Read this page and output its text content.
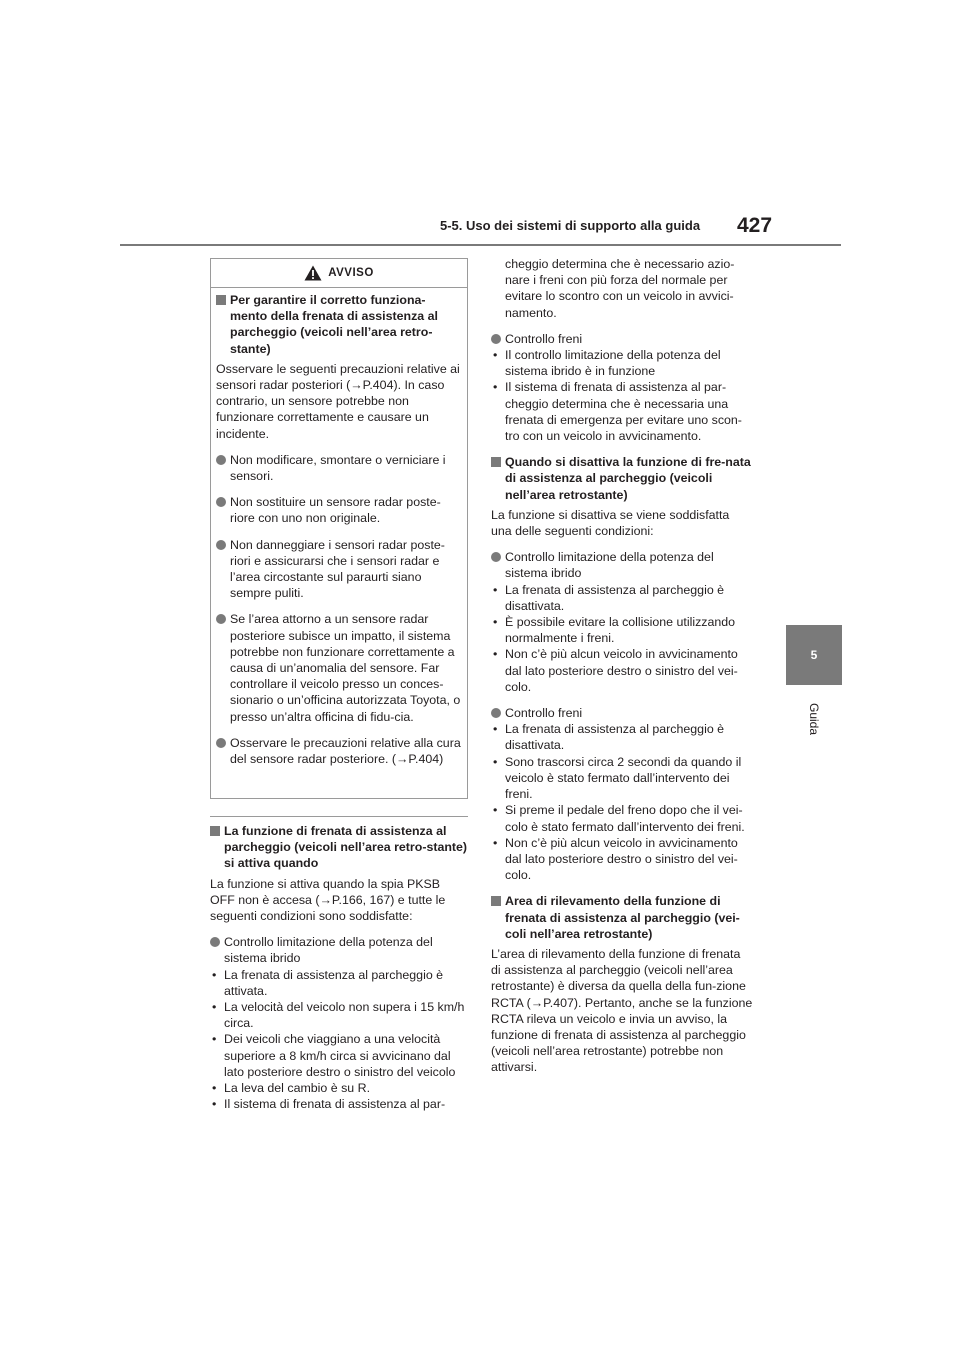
5-5. Uso dei sistemi di supporto alla guida 427
5
Guida
AVVISO
Per garantire il corretto funziona-mento della frenata di assistenza al parcheggio (veicoli nell’area retro-stante)

Osservare le seguenti precauzioni relative ai sensori radar posteriori (→P.404). In caso contrario, un sensore potrebbe non funzionare correttamente e causare un incidente.

Non modificare, smontare o verniciare i sensori.
Non sostituire un sensore radar poste-riore con uno non originale.
Non danneggiare i sensori radar poste-riori e assicurarsi che i sensori radar e l’area circostante sul paraurti siano sempre puliti.
Se l’area attorno a un sensore radar posteriore subisce un impatto, il sistema potrebbe non funzionare correttamente a causa di un’anomalia del sensore. Far controllare il veicolo presso un conces-sionario o un’officina autorizzata Toyota, o presso un’altra officina di fidu-cia.
Osservare le precauzioni relative alla cura del sensore radar posteriore. (→P.404)
La funzione di frenata di assistenza al parcheggio (veicoli nell’area retro-stante) si attiva quando

La funzione si attiva quando la spia PKSB OFF non è accesa (→P.166, 167) e tutte le seguenti condizioni sono soddisfatte:

Controllo limitazione della potenza del sistema ibrido
• La frenata di assistenza al parcheggio è attivata.
• La velocità del veicolo non supera i 15 km/h circa.
• Dei veicoli che viaggiano a una velocità superiore a 8 km/h circa si avvicinano dal lato posteriore destro o sinistro del veicolo
• La leva del cambio è su R.
• Il sistema di frenata di assistenza al par-

cheggio determina che è necessario azio-nare i freni con più forza del normale per evitare lo scontro con un veicolo in avvici-namento.

Controllo freni
• Il controllo limitazione della potenza del sistema ibrido è in funzione
• Il sistema di frenata di assistenza al par-cheggio determina che è necessaria una frenata di emergenza per evitare uno scon-tro con un veicolo in avvicinamento.
Quando si disattiva la funzione di fre-nata di assistenza al parcheggio (veicoli nell’area retrostante)

La funzione si disattiva se viene soddisfatta una delle seguenti condizioni:

Controllo limitazione della potenza del sistema ibrido
• La frenata di assistenza al parcheggio è disattivata.
• È possibile evitare la collisione utilizzando normalmente i freni.
• Non c’è più alcun veicolo in avvicinamento dal lato posteriore destro o sinistro del vei-colo.
Controllo freni
• La frenata di assistenza al parcheggio è disattivata.
• Sono trascorsi circa 2 secondi da quando il veicolo è stato fermato dall’intervento dei freni.
• Si preme il pedale del freno dopo che il vei-colo è stato fermato dall’intervento dei freni.
• Non c’è più alcun veicolo in avvicinamento dal lato posteriore destro o sinistro del vei-colo.
Area di rilevamento della funzione di frenata di assistenza al parcheggio (vei-coli nell’area retrostante)

L’area di rilevamento della funzione di frenata di assistenza al parcheggio (veicoli nell’area retrostante) è diversa da quella della fun-zione RCTA (→P.407). Pertanto, anche se la funzione RCTA rileva un veicolo e invia un avviso, la funzione di frenata di assistenza al parcheggio (veicoli nell’area retrostante) potrebbe non attivarsi.
